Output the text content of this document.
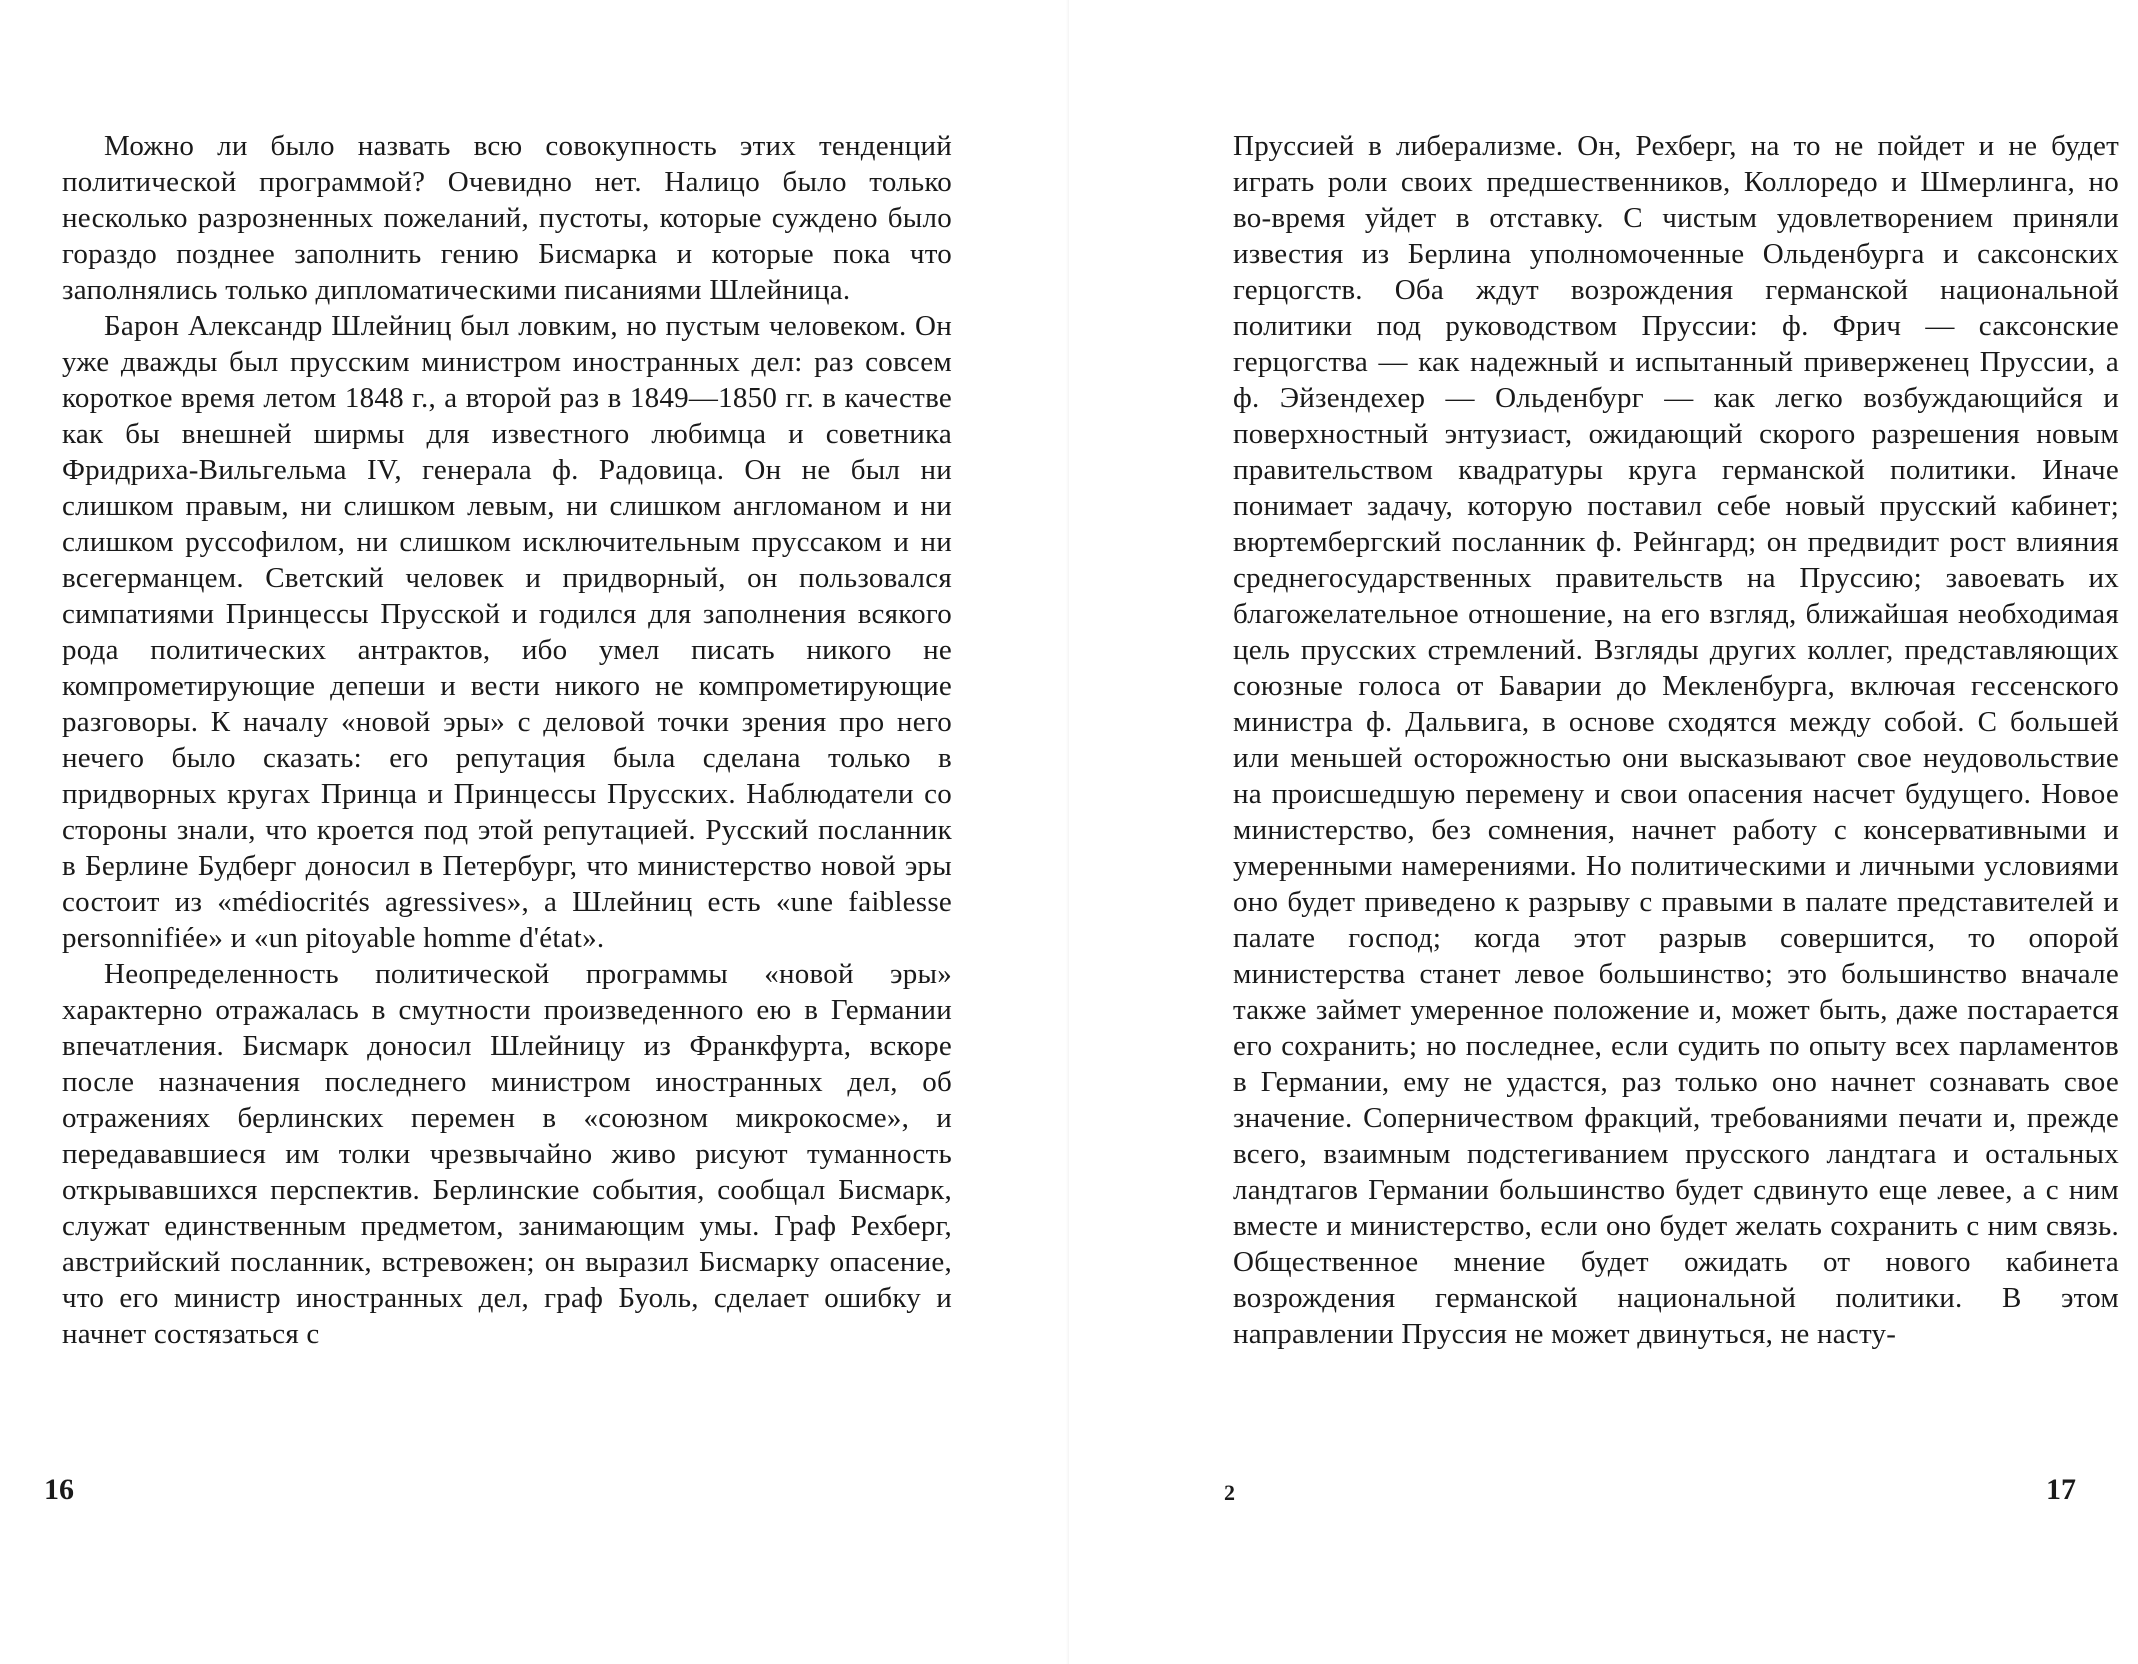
Можно ли было назвать всю совокупность этих тенденций политической программой? Очевидно нет. Налицо было только несколько разрозненных пожеланий, пустоты, которые суждено было гораздо позднее заполнить гению Бисмарка и которые пока что заполнялись только дипломатическими писаниями Шлейница.

Барон Александр Шлейниц был ловким, но пустым человеком. Он уже дважды был прусским министром иностранных дел: раз совсем короткое время летом 1848 г., а второй раз в 1849—1850 гг. в качестве как бы внешней ширмы для известного любимца и советника Фридриха-Вильгельма IV, генерала ф. Радовица. Он не был ни слишком правым, ни слишком левым, ни слишком англоманом и ни слишком руссофилом, ни слишком исключительным пруссаком и ни всегерманцем. Светский человек и придворный, он пользовался симпатиями Принцессы Прусской и годился для заполнения всякого рода политических антрактов, ибо умел писать никого не компрометирующие депеши и вести никого не компрометирующие разговоры. К началу «новой эры» с деловой точки зрения про него нечего было сказать: его репутация была сделана только в придворных кругах Принца и Принцессы Прусских. Наблюдатели со стороны знали, что кроется под этой репутацией. Русский посланник в Берлине Будберг доносил в Петербург, что министерство новой эры состоит из «médiocrités agressives», а Шлейниц есть «une faiblesse personnifiée» и «un pitoyable homme d'état».

Неопределенность политической программы «новой эры» характерно отражалась в смутности произведенного ею в Германии впечатления. Бисмарк доносил Шлейницу из Франкфурта, вскоре после назначения последнего министром иностранных дел, об отражениях берлинских перемен в «союзном микрокосме», и передававшиеся им толки чрезвычайно живо рисуют туманность открывавшихся перспектив. Берлинские события, сообщал Бисмарк, служат единственным предметом, занимающим умы. Граф Рехберг, австрийский посланник, встревожен; он выразил Бисмарку опасение, что его министр иностранных дел, граф Буоль, сделает ошибку и начнет состязаться с

16

Пруссией в либерализме. Он, Рехберг, на то не пойдет и не будет играть роли своих предшественников, Коллоредо и Шмерлинга, но во-время уйдет в отставку. С чистым удовлетворением приняли известия из Берлина уполномоченные Ольденбурга и саксонских герцогств. Оба ждут возрождения германской национальной политики под руководством Пруссии: ф. Фрич — саксонские герцогства — как надежный и испытанный приверженец Пруссии, а ф. Эйзендехер — Ольденбург — как легко возбуждающийся и поверхностный энтузиаст, ожидающий скорого разрешения новым правительством квадратуры круга германской политики. Иначе понимает задачу, которую поставил себе новый прусский кабинет; вюртембергский посланник ф. Рейнгард; он предвидит рост влияния среднегосударственных правительств на Пруссию; завоевать их благожелательное отношение, на его взгляд, ближайшая необходимая цель прусских стремлений. Взгляды других коллег, представляющих союзные голоса от Баварии до Мекленбурга, включая гессенского министра ф. Дальвига, в основе сходятся между собой. С большей или меньшей осторожностью они высказывают свое неудовольствие на происшедшую перемену и свои опасения насчет будущего. Новое министерство, без сомнения, начнет работу с консервативными и умеренными намерениями. Но политическими и личными условиями оно будет приведено к разрыву с правыми в палате представителей и палате господ; когда этот разрыв совершится, то опорой министерства станет левое большинство; это большинство вначале также займет умеренное положение и, может быть, даже постарается его сохранить; но последнее, если судить по опыту всех парламентов в Германии, ему не удастся, раз только оно начнет сознавать свое значение. Соперничеством фракций, требованиями печати и, прежде всего, взаимным подстегиванием прусского ландтага и остальных ландтагов Германии большинство будет сдвинуто еще левее, а с ним вместе и министерство, если оно будет желать сохранить с ним связь. Общественное мнение будет ожидать от нового кабинета возрождения германской национальной политики. В этом направлении Пруссия не может двинуться, не насту-

2	17
